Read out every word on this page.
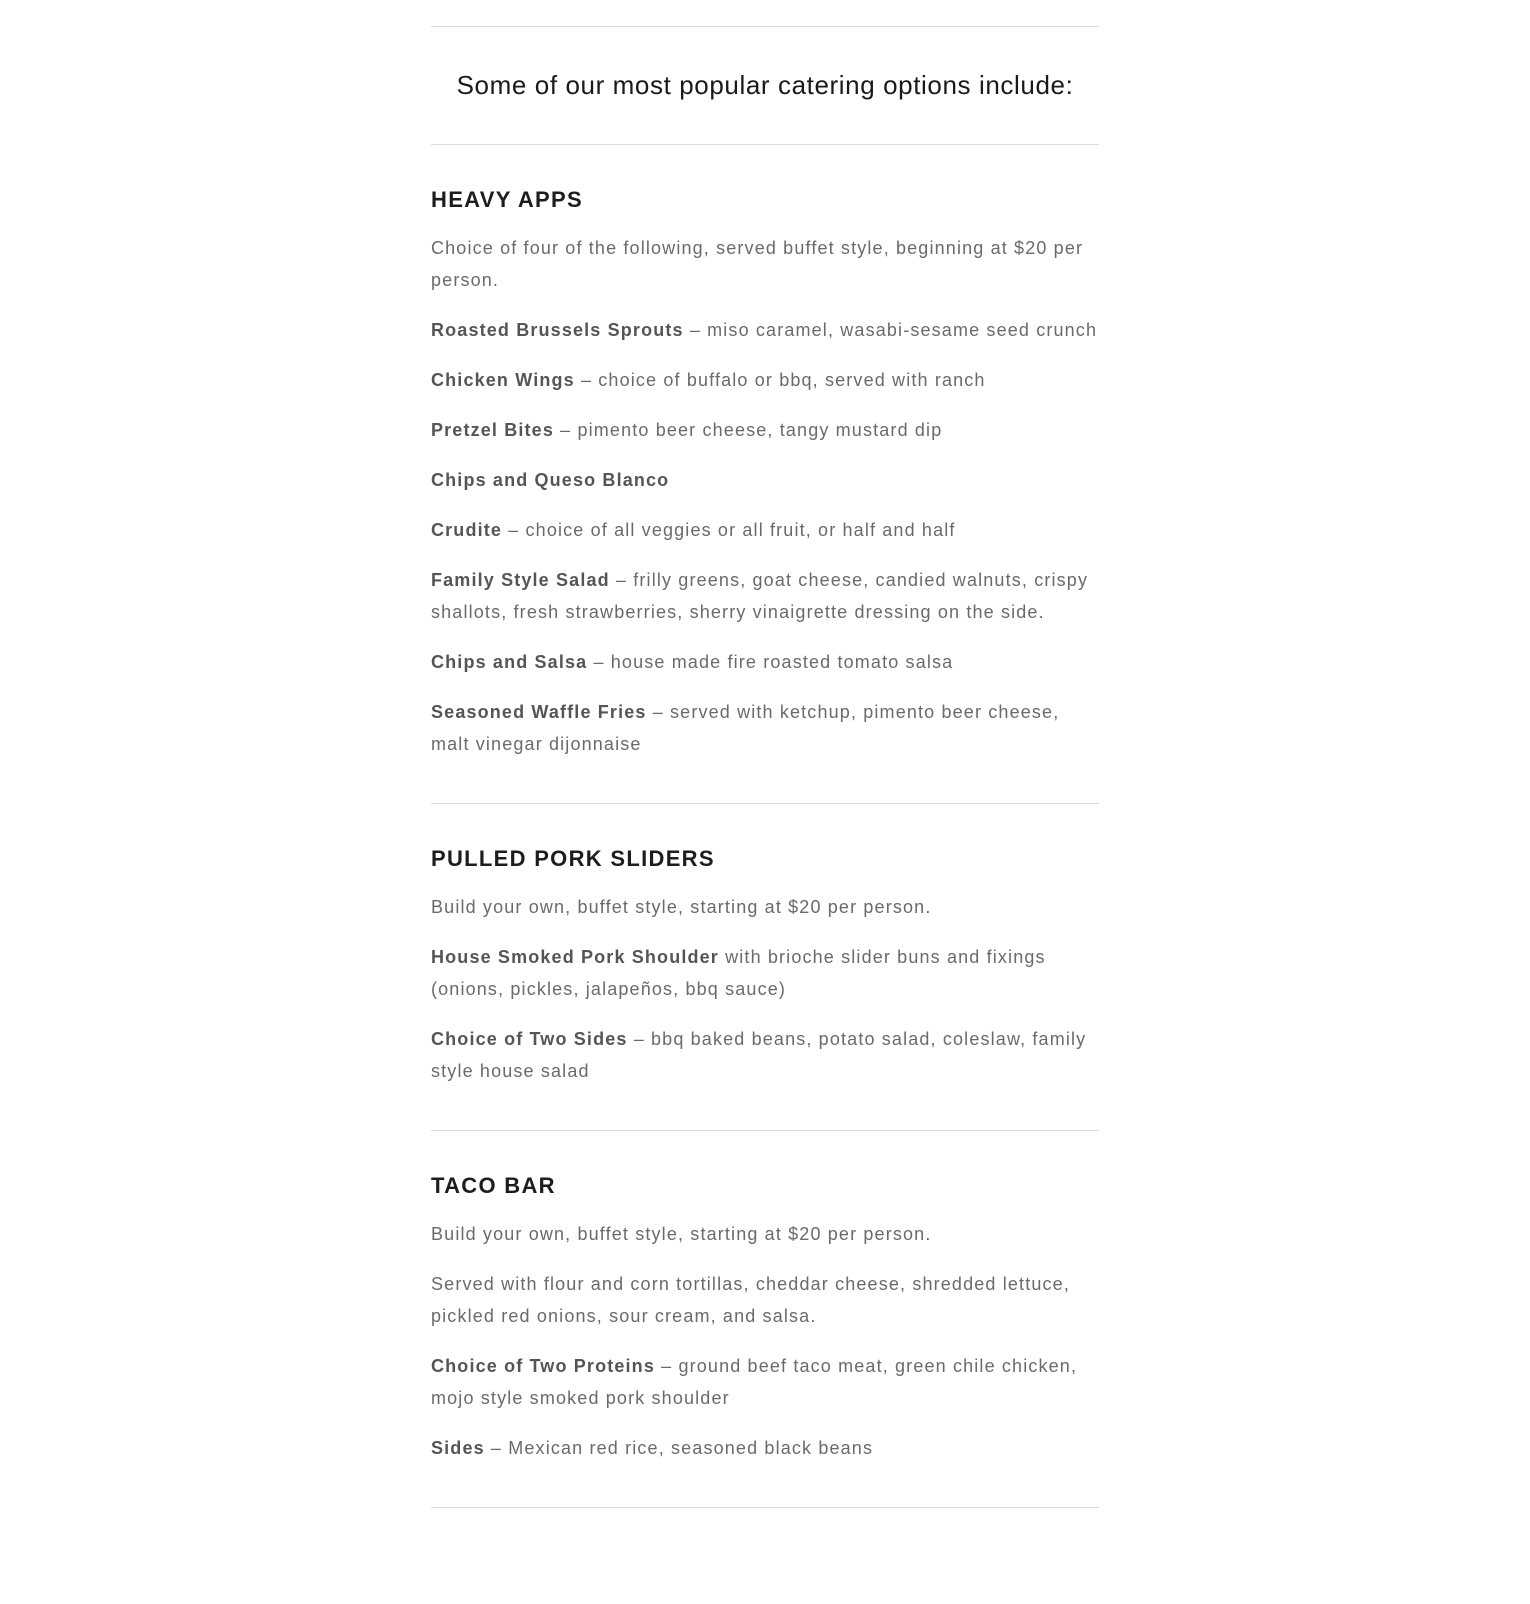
Some of our most popular catering options include:
HEAVY APPS

Choice of four of the following, served buffet style, beginning at $20 per person.

Roasted Brussels Sprouts – miso caramel, wasabi-sesame seed crunch

Chicken Wings – choice of buffalo or bbq, served with ranch

Pretzel Bites – pimento beer cheese, tangy mustard dip

Chips and Queso Blanco

Crudite – choice of all veggies or all fruit, or half and half

Family Style Salad – frilly greens, goat cheese, candied walnuts, crispy shallots, fresh strawberries, sherry vinaigrette dressing on the side.

Chips and Salsa – house made fire roasted tomato salsa

Seasoned Waffle Fries – served with ketchup, pimento beer cheese, malt vinegar dijonnaise

PULLED PORK SLIDERS

Build your own, buffet style, starting at $20 per person.

House Smoked Pork Shoulder with brioche slider buns and fixings (onions, pickles, jalapeños, bbq sauce)

Choice of Two Sides – bbq baked beans, potato salad, coleslaw, family style house salad

TACO BAR

Build your own, buffet style, starting at $20 per person.

Served with flour and corn tortillas, cheddar cheese, shredded lettuce, pickled red onions, sour cream, and salsa.

Choice of Two Proteins – ground beef taco meat, green chile chicken, mojo style smoked pork shoulder

Sides – Mexican red rice, seasoned black beans
